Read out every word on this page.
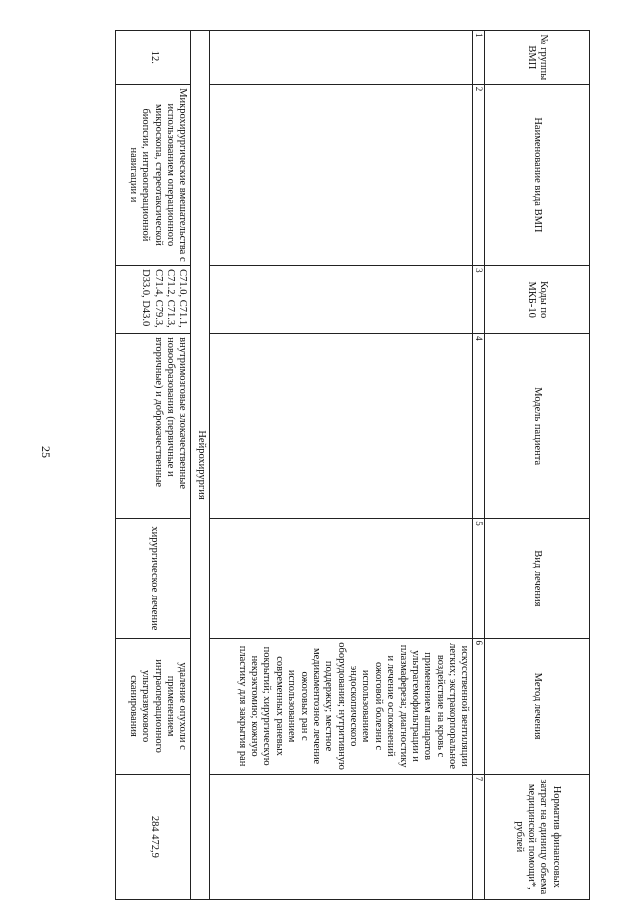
25
№ группы ВМП	Наименование вида ВМП	Коды по МКБ-10	Модель пациента	Вид лечения	Метод лечения	Норматив финансовых затрат на единицу объема медицинской помощи*, рублей
1	2	3	4	5	6	7
					искусственной вентиляции легких; экстракорпоральное воздействие на кровь с применением аппаратов ультрагемофильтрации и плазмафереза; диагностику и лечение осложнений ожоговой болезни с использованием эндоскопического оборудования; нутритивную поддержку; местное медикаментозное лечение ожоговых ран с использованием современных раневых покрытий; хирургическую некрэктомию; кожную пластику для закрытия ран	
Нейрохирургия						
12.	Микрохирургические вмешательства с использованием операционного микроскопа, стереотаксической биопсии, интраоперационной навигации и	C71.0, C71.1, C71.2, C71.3, C71.4, C79.3, D33.0, D43.0	внутримозговые злокачественные новообразования (первичные и вторичные) и доброкачественные	хирургическое лечение	удаление опухоли с применением интраоперационного ультразвукового сканирования	284 472,9
